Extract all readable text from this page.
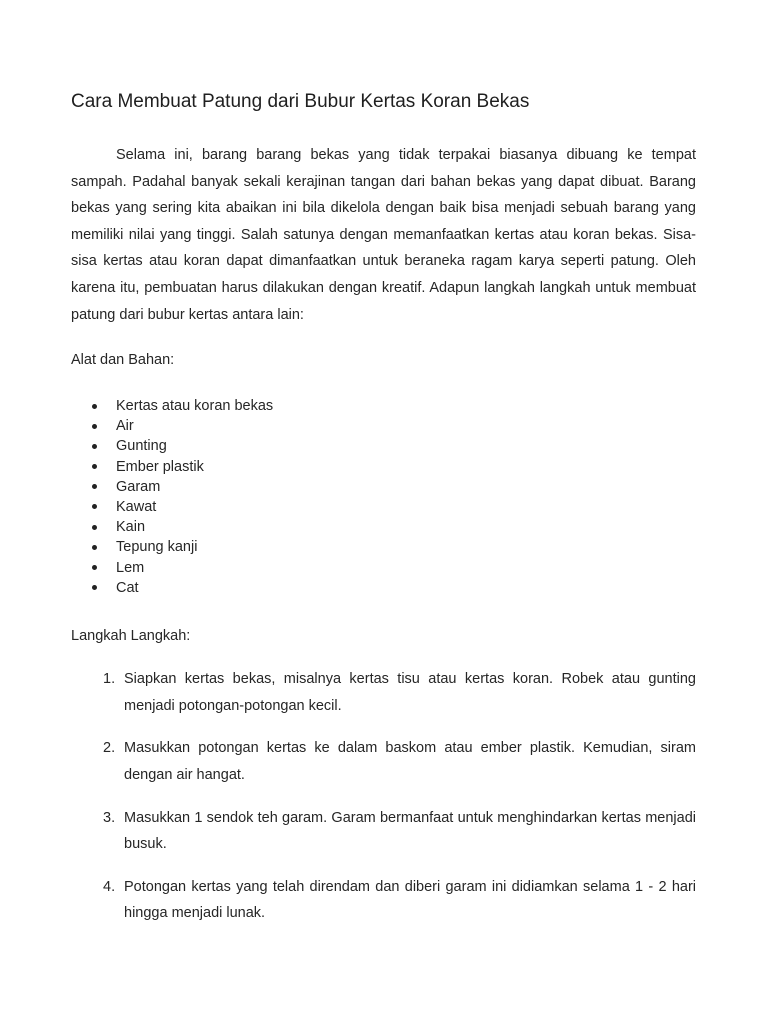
Cara Membuat Patung dari Bubur Kertas Koran Bekas

Selama ini, barang barang bekas yang tidak terpakai biasanya dibuang ke tempat sampah. Padahal banyak sekali kerajinan tangan dari bahan bekas yang dapat dibuat. Barang bekas yang sering kita abaikan ini bila dikelola dengan baik bisa menjadi sebuah barang yang memiliki nilai yang tinggi. Salah satunya dengan memanfaatkan kertas atau koran bekas. Sisa-sisa kertas atau koran dapat dimanfaatkan untuk beraneka ragam karya seperti patung. Oleh karena itu, pembuatan harus dilakukan dengan kreatif. Adapun langkah langkah untuk membuat patung dari bubur kertas antara lain:

Alat dan Bahan:
Kertas atau koran bekas
Air
Gunting
Ember plastik
Garam
Kawat
Kain
Tepung kanji
Lem
Cat
Langkah Langkah:
1. Siapkan kertas bekas, misalnya kertas tisu atau kertas koran. Robek atau gunting menjadi potongan-potongan kecil.

2. Masukkan potongan kertas ke dalam baskom atau ember plastik. Kemudian, siram dengan air hangat.

3. Masukkan 1 sendok teh garam. Garam bermanfaat untuk menghindarkan kertas menjadi busuk.

4. Potongan kertas yang telah direndam dan diberi garam ini didiamkan selama 1 - 2 hari hingga menjadi lunak.
